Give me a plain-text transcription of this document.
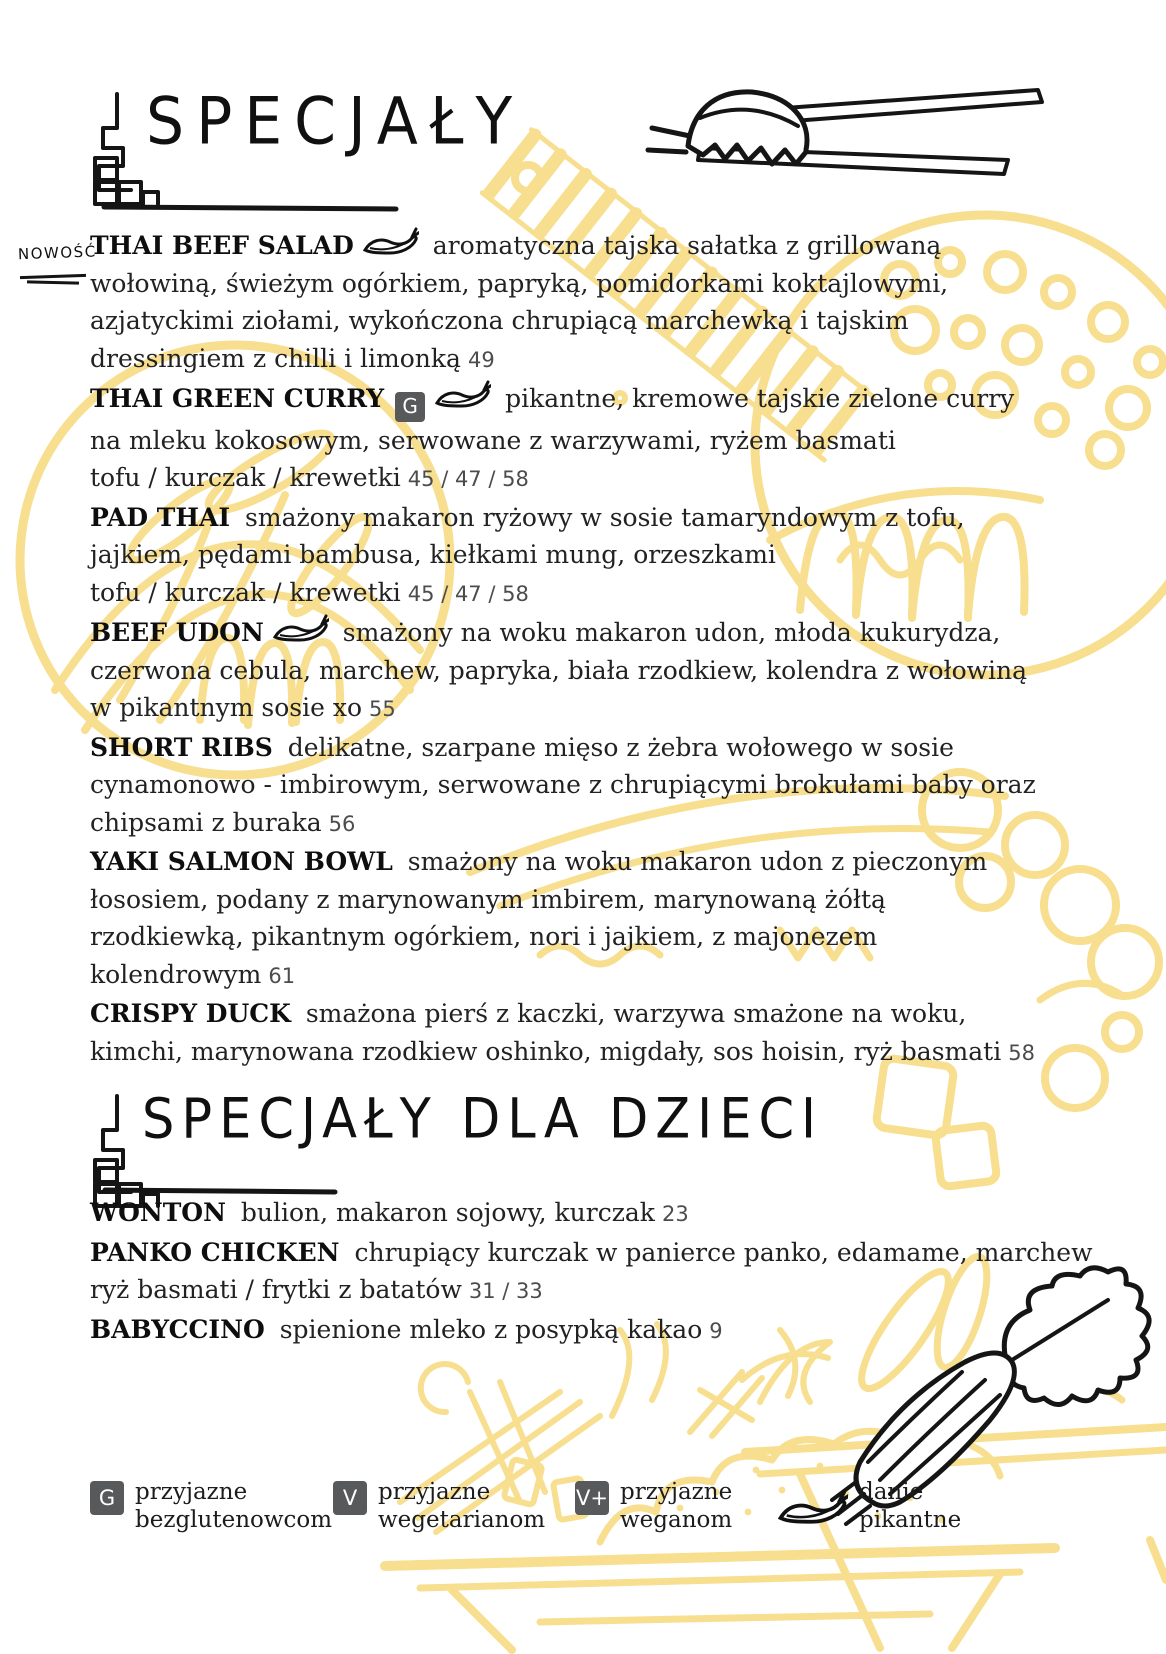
SPECJAŁY

NOWOŚĆ
THAI BEEF SALAD	aromatyczna tajska sałatka z grillowaną wołowiną, świeżym ogórkiem, papryką, pomidorkami koktajlowymi, azjatyckimi ziołami, wykończona chrupiącą marchewką i tajskim dressingiem z chilli i limonką 49

THAI GREEN CURRY G	pikantne, kremowe tajskie zielone curry na mleku kokosowym, serwowane z warzywami, ryżem basmati
tofu / kurczak / krewetki 45 / 47 / 58

PAD THAI smażony makaron ryżowy w sosie tamaryndowym z tofu, jajkiem, pędami bambusa, kiełkami mung, orzeszkami
tofu / kurczak / krewetki 45 / 47 / 58

BEEF UDON	smażony na woku makaron udon, młoda kukurydza, czerwona cebula, marchew, papryka, biała rzodkiew, kolendra z wołowiną w pikantnym sosie xo 55

SHORT RIBS delikatne, szarpane mięso z żebra wołowego w sosie cynamonowo - imbirowym, serwowane z chrupiącymi brokułami baby oraz chipsami z buraka 56

YAKI SALMON BOWL smażony na woku makaron udon z pieczonym łososiem, podany z marynowanym imbirem, marynowaną żółtą rzodkiewką, pikantnym ogórkiem, nori i jajkiem, z majonezem kolendrowym 61

CRISPY DUCK smażona pierś z kaczki, warzywa smażone na woku, kimchi, marynowana rzodkiew oshinko, migdały, sos hoisin, ryż basmati 58

SPECJAŁY DLA DZIECI

WONTON bulion, makaron sojowy, kurczak 23

PANKO CHICKEN chrupiący kurczak w panierce panko, edamame, marchew
ryż basmati / frytki z batatów 31 / 33

BABYCCINO spienione mleko z posypką kakao 9

G przyjazne
bezglutenowcom
V przyjazne
wegetarianom
V+ przyjazne
weganom
danie
pikantne
